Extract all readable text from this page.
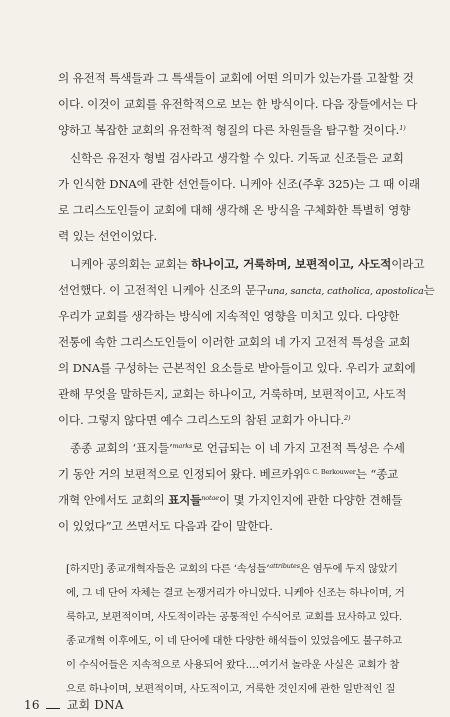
의 유전적 특색들과 그 특색들이 교회에 어떤 의미가 있는가를 고찰할 것
이다. 이것이 교회를 유전학적으로 보는 한 방식이다. 다음 장들에서는 다
양하고 복잡한 교회의 유전학적 형질의 다른 차원들을 탐구할 것이다.$^{1)}$
신학은 유전자 형벌 검사라고 생각할 수 있다. 기독교 신조들은 교회
가 인식한 DNA에 관한 선언들이다. 니케아 신조(주후 325)는 그 때 이래
로 그리스도인들이 교회에 대해 생각해 온 방식을 구체화한 특별히 영향
력 있는 선언이었다.
니케아 공의회는 교회는 하나이고, 거룩하며, 보편적이고, 사도적이라고
선언했다. 이 고전적인 니케아 신조의 문구una, sancta, catholica, apostolica는
우리가 교회를 생각하는 방식에 지속적인 영향을 미치고 있다. 다양한
전통에 속한 그리스도인들이 이러한 교회의 네 가지 고전적 특성을 교회
의 DNA를 구성하는 근본적인 요소들로 받아들이고 있다. 우리가 교회에
관해 무엇을 말하든지, 교회는 하나이고, 거룩하며, 보편적이고, 사도적
이다. 그렇지 않다면 예수 그리스도의 참된 교회가 아니다.$^{2)}$
종종 교회의 ‘표지들’$^{marks}$로 언급되는 이 네 가지 고전적 특성은 수세
기 동안 거의 보편적으로 인정되어 왔다. 베르카위$^{G. C. Berkouwer}$는 “종교
개혁 안에서도 교회의 표지들$^{notae}$이 몇 가지인지에 관한 다양한 견해들
이 있었다”고 쓰면서도 다음과 같이 말한다.
[하지만] 종교개혁자들은 교회의 다른 ‘속성들’$^{attributes}$은 염두에 두지 않았기
에, 그 네 단어 자체는 결코 논쟁거리가 아니었다. 니케아 신조는 하나이며, 거
룩하고, 보편적이며, 사도적이라는 공통적인 수식어로 교회를 묘사하고 있다.
종교개혁 이후에도, 이 네 단어에 대한 다양한 해석들이 있었음에도 불구하고
이 수식어들은 지속적으로 사용되어 왔다.…여기서 놀라운 사실은 교회가 참
으로 하나이며, 보편적이며, 사도적이고, 거룩한 것인지에 관한 일반적인 질
16 교회 DNA
